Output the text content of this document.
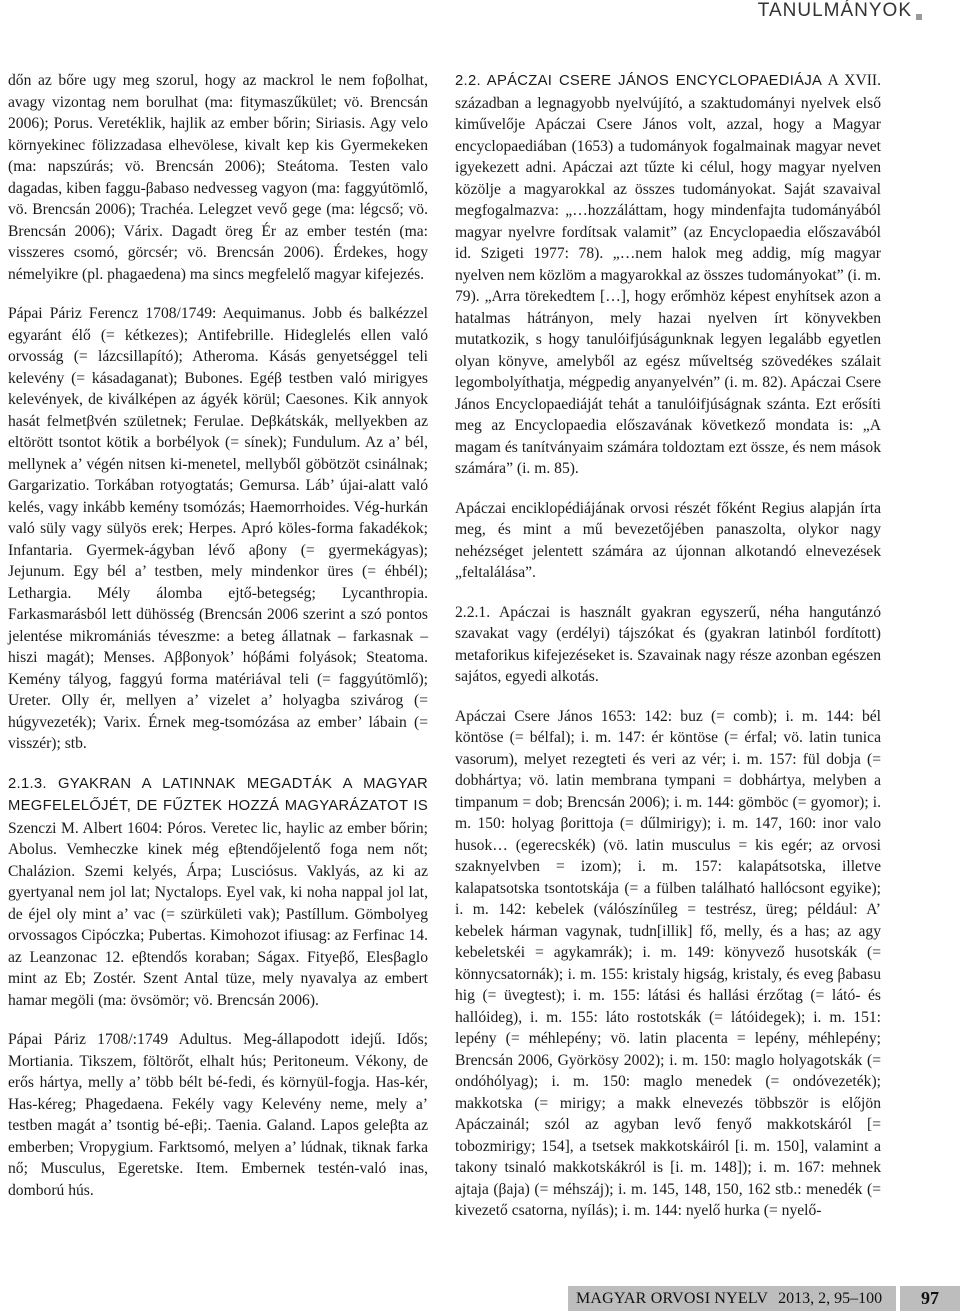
TANULMÁNYOK

dőn az bőre ugy meg szorul, hogy az mackrol le nem foβolhat, avagy vizontag nem borulhat (ma: fitymaszűkület; vö. Brencsán 2006); Porus. Veretéklik, hajlik az ember bőrin; Siriasis. Agy velo környekinec fölizzadasa elhevölese, kivalt kep kis Gyermekeken (ma: napszúrás; vö. Brencsán 2006); Steátoma. Testen valo dagadas, kiben faggu-βabaso nedvesseg vagyon (ma: faggyútömlő, vö. Brencsán 2006); Trachéa. Lelegzet vevő gege (ma: légcső; vö. Brencsán 2006); Várix. Dagadt öreg Ér az ember testén (ma: visszeres csomó, görcsér; vö. Brencsán 2006). Érdekes, hogy némelyikre (pl. phagaedena) ma sincs megfelelő magyar kifejezés.

Pápai Páriz Ferencz 1708/1749: Aequimanus. Jobb és balkézzel egyaránt élő (= kétkezes); Antifebrille. Hideglelés ellen való orvosság (= lázcsillapító); Atheroma. Kásás genyetséggel teli kelevény (= kásadaganat); Bubones. Egéβ testben való mirigyes kelevények, de kiválképen az ágyék körül; Caesones. Kik annyok hasát felmetβvén születnek; Ferulae. Deβkátskák, mellyekben az eltörött tsontot kötik a borbélyok (= sínek); Fundulum. Az a’ bél, mellynek a’ végén nitsen ki-menetel, mellyből göbötzöt csinálnak; Gargarizatio. Torkában rotyogtatás; Gemursa. Láb’ újai-alatt való kelés, vagy inkább kemény tsomózás; Haemorrhoides. Vég-hurkán való süly vagy sülyös erek; Herpes. Apró köles-forma fakadékok; Infantaria. Gyermek-ágyban lévő aβony (= gyermekágyas); Jejunum. Egy bél a’ testben, mely mindenkor üres (= éhbél); Lethargia. Mély álomba ejtő-betegség; Lycanthropia. Farkasmarásból lett dühösség (Brencsán 2006 szerint a szó pontos jelentése mikromániás téveszme: a beteg állatnak – farkasnak – hiszi magát); Menses. Aββonyok’ hóβámi folyások; Steatoma. Kemény tályog, faggyú forma matériával teli (= faggyútömlő); Ureter. Olly ér, mellyen a’ vizelet a’ holyagba szivárog (= húgyvezeték); Varix. Érnek meg-tsomózása az ember’ lábain (= visszér); stb.

2.1.3. GYAKRAN A LATINNAK MEGADTÁK A MAGYAR MEGFELELŐJÉT, DE FŰZTEK HOZZÁ MAGYARÁZATOT IS Szenczi M. Albert 1604: Póros. Veretec lic, haylic az ember bőrin; Abolus. Vemheczke kinek még eβtendőjelentő foga nem nőt; Chalázion. Szemi kelyés, Árpa; Lusciósus. Vaklyás, az ki az gyertyanal nem jol lat; Nyctalops. Eyel vak, ki noha nappal jol lat, de éjel oly mint a’ vac (= szürkületi vak); Pastíllum. Gömbolyeg orvossagos Cipóczka; Pubertas. Kimohozot ifiusag: az Ferfinac 14. az Leanzonac 12. eβtendős koraban; Ságax. Fityeβő, Elesβaglo mint az Eb; Zostér. Szent Antal tüze, mely nyavalya az embert hamar megöli (ma: övsömör; vö. Brencsán 2006).

Pápai Páriz 1708/:1749 Adultus. Meg-állapodott idejű. Idős; Mortiania. Tikszem, föltörőt, elhalt hús; Peritoneum. Vékony, de erős hártya, melly a’ több bélt bé-fedi, és környül-fogja. Has-kér, Has-kéreg; Phagedaena. Fekély vagy Kelevény neme, mely a’ testben magát a’ tsontig bé-eβi;. Taenia. Galand. Lapos geleβta az emberben; Vropygium. Farktsomó, melyen a’ lúdnak, tiknak farka nő; Musculus, Egeretske. Item. Embernek testén-való inas, domború hús.

2.2. APÁCZAI CSERE JÁNOS ENCYCLOPAEDIÁJA A XVII. században a legnagyobb nyelvújító, a szaktudományi nyelvek első kiművelője Apáczai Csere János volt, azzal, hogy a Magyar encyclopaediában (1653) a tudományok fogalmainak magyar nevet igyekezett adni. Apáczai azt tűzte ki célul, hogy magyar nyelven közölje a magyarokkal az összes tudományokat. Saját szavaival megfogalmazva: „…hozzáláttam, hogy mindenfajta tudományából magyar nyelvre fordítsak valamit” (az Encyclopaedia előszavából id. Szigeti 1977: 78). „…nem halok meg addig, míg magyar nyelven nem közlöm a magyarokkal az összes tudományokat” (i. m. 79). „Arra törekedtem […], hogy erőmhöz képest enyhítsek azon a hatalmas hátrányon, mely hazai nyelven írt könyvekben mutatkozik, s hogy tanulóifjúságunknak legyen legalább egyetlen olyan könyve, amelyből az egész műveltség szövedékes szálait legombolyíthatja, mégpedig anyanyelvén” (i. m. 82). Apáczai Csere János Encyclopaediáját tehát a tanulóifjúságnak szánta. Ezt erősíti meg az Encyclopaedia előszavának következő mondata is: „A magam és tanítványaim számára toldoztam ezt össze, és nem mások számára” (i. m. 85).

Apáczai enciklopédiájának orvosi részét főként Regius alapján írta meg, és mint a mű bevezetőjében panaszolta, olykor nagy nehézséget jelentett számára az újonnan alkotandó elnevezések „feltalálása”.

2.2.1. Apáczai is használt gyakran egyszerű, néha hangutánzó szavakat vagy (erdélyi) tájszókat és (gyakran latinból fordított) metaforikus kifejezéseket is. Szavainak nagy része azonban egészen sajátos, egyedi alkotás.

Apáczai Csere János 1653: 142: buz (= comb); i. m. 144: bél köntöse (= bélfal); i. m. 147: ér köntöse (= érfal; vö. latin tunica vasorum), melyet rezegteti és veri az vér; i. m. 157: fül dobja (= dobhártya; vö. latin membrana tympani = dobhártya, melyben a timpanum = dob; Brencsán 2006); i. m. 144: gömböc (= gyomor); i. m. 150: holyag βorittoja (= dűlmirigy); i. m. 147, 160: inor valo husok… (egerecskék) (vö. latin musculus = kis egér; az orvosi szaknyelvben = izom); i. m. 157: kalapátsotska, illetve kalapatsotska tsontotskája (= a fülben található hallócsont egyike); i. m. 142: kebelek (válószínűleg = testrész, üreg; például: A’ kebelek hárman vagynak, tudn[illik] fő, melly, és a has; az agy kebeletskéi = agykamrák); i. m. 149: könyvező husotskák (= könnycsatornák); i. m. 155: kristaly higság, kristaly, és eveg βabasu hig (= üvegtest); i. m. 155: látási és hallási érzőtag (= látó- és hallóideg), i. m. 155: láto rostotskák (= látóidegek); i. m. 151: lepény (= méhlepény; vö. latin placenta = lepény, méhlepény; Brencsán 2006, Györkösy 2002); i. m. 150: maglo holyagotskák (= ondóhólyag); i. m. 150: maglo menedek (= ondóvezeték); makkotska (= mirigy; a makk elnevezés többször is előjön Apáczainál; szól az agyban levő fenyő makkotskáról [= tobozmirigy; 154], a tsetsek makkotskáiról [i. m. 150], valamint a takony tsinaló makkotskákról is [i. m. 148]); i. m. 167: mehnek ajtaja (βaja) (= méhszáj); i. m. 145, 148, 150, 162 stb.: menedék (= kivezető csatorna, nyílás); i. m. 144: nyelő hurka (= nyelő-

MAGYAR ORVOSI NYELV 2013, 2, 95–100	97
